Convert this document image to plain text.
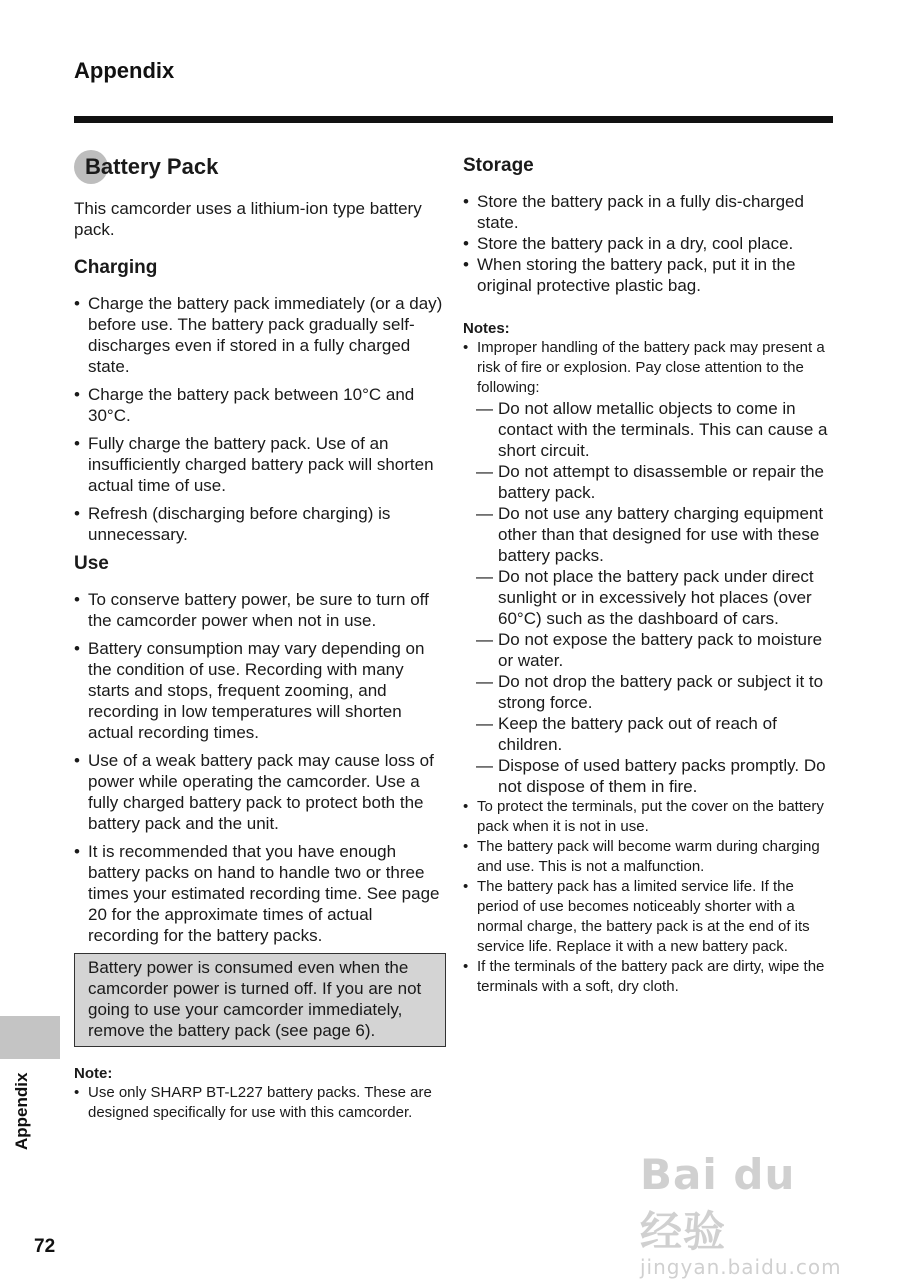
Appendix
Battery Pack
This camcorder uses a lithium-ion type battery pack.
Charging
• Charge the battery pack immediately (or a day) before use. The battery pack gradually self-discharges even if stored in a fully charged state.
• Charge the battery pack between 10°C and 30°C.
• Fully charge the battery pack. Use of an insufficiently charged battery pack will shorten actual time of use.
• Refresh (discharging before charging) is unnecessary.
Use
• To conserve battery power, be sure to turn off the camcorder power when not in use.
• Battery consumption may vary depending on the condition of use. Recording with many starts and stops, frequent zooming, and recording in low temperatures will shorten actual recording times.
• Use of a weak battery pack may cause loss of power while operating the camcorder. Use a fully charged battery pack to protect both the battery pack and the unit.
• It is recommended that you have enough battery packs on hand to handle two or three times your estimated recording time. See page 20 for the approximate times of actual recording for the battery packs.
Battery power is consumed even when the camcorder power is turned off. If you are not going to use your camcorder immediately, remove the battery pack (see page 6).
Note:
• Use only SHARP BT-L227 battery packs. These are designed specifically for use with this camcorder.
Storage
• Store the battery pack in a fully dis-charged state.
• Store the battery pack in a dry, cool place.
• When storing the battery pack, put it in the original protective plastic bag.
Notes:
• Improper handling of the battery pack may present a risk of fire or explosion. Pay close attention to the following:
— Do not allow metallic objects to come in contact with the terminals. This can cause a short circuit.
— Do not attempt to disassemble or repair the battery pack.
— Do not use any battery charging equipment other than that designed for use with these battery packs.
— Do not place the battery pack under direct sunlight or in excessively hot places (over 60°C) such as the dashboard of cars.
— Do not expose the battery pack to moisture or water.
— Do not drop the battery pack or subject it to strong force.
— Keep the battery pack out of reach of children.
— Dispose of used battery packs promptly. Do not dispose of them in fire.
• To protect the terminals, put the cover on the battery pack when it is not in use.
• The battery pack will become warm during charging and use. This is not a malfunction.
• The battery pack has a limited service life. If the period of use becomes noticeably shorter with a normal charge, the battery pack is at the end of its service life. Replace it with a new battery pack.
• If the terminals of the battery pack are dirty, wipe the terminals with a soft, dry cloth.
Appendix
72
Bai du 经验
jingyan.baidu.com
